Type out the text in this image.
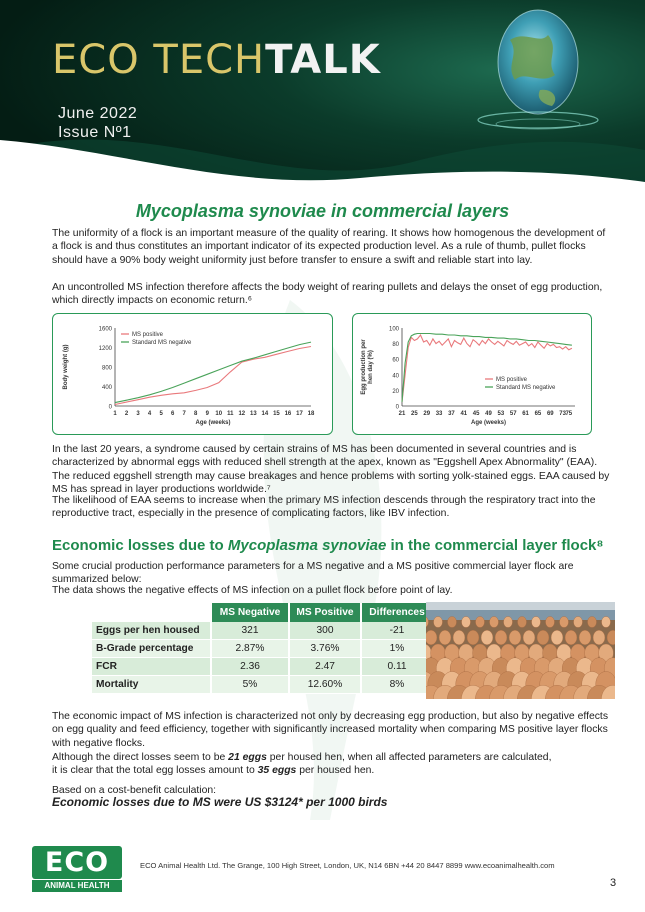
ECO TECHTALK
June 2022
Issue Nº1
Mycoplasma synoviae in commercial layers

The uniformity of a flock is an important measure of the quality of rearing. It shows how homogenous the development of a flock is and thus constitutes an important indicator of its expected production level. As a rule of thumb, pullet flocks should have a 90% body weight uniformity just before transfer to ensure a swift and reliable start into lay.

An uncontrolled MS infection therefore affects the body weight of rearing pullets and delays the onset of egg production, which directly impacts on economic return.⁶

0
400
800
1200
1600
1 2 3 4 5 6 7 8 9 10 11 12 13 14 15 16 17 18
Age (weeks)
Body weight (g)
MS positive
Standard MS negative
0
20
40
60
80
100
21 25 29 33 37 41 45 49 53 57 61 65 69 73 75
Age (weeks)
Egg production per hen day (%)	MS positive
Standard MS negative

In the last 20 years, a syndrome caused by certain strains of MS has been documented in several countries and is characterized by abnormal eggs with reduced shell strength at the apex, known as "Eggshell Apex Abnormality" (EAA). The reduced eggshell strength may cause breakages and hence problems with sorting yolk-stained eggs. EAA caused by MS has spread in layer productions worldwide.⁷

The likelihood of EAA seems to increase when the primary MS infection descends through the respiratory tract into the reproductive tract, especially in the presence of complicating factors, like IBV infection.

Economic losses due to Mycoplasma synoviae in the commercial layer flock⁸

Some crucial production performance parameters for a MS negative and a MS positive commercial layer flock are summarized below:

The data shows the negative effects of MS infection on a pullet flock before point of lay.

	MS Negative	MS Positive	Differences
Eggs per hen housed	321	300	-21
B-Grade percentage	2.87%	3.76%	1%
FCR	2.36	2.47	0.11
Mortality	5%	12.60%	8%

The economic impact of MS infection is characterized not only by decreasing egg production, but also by negative effects on egg quality and feed efficiency, together with significantly increased mortality when comparing MS positive layer flocks with negative flocks.

Although the direct losses seem to be 21 eggs per housed hen, when all affected parameters are calculated,
it is clear that the total egg losses amount to 35 eggs per housed hen.

Based on a cost-benefit calculation:

Economic losses due to MS were US $3124* per 1000 birds

ECO
ANIMAL HEALTH
ECO Animal Health Ltd. The Grange, 100 High Street, London, UK, N14 6BN +44 20 8447 8899 www.ecoanimalhealth.com
3
